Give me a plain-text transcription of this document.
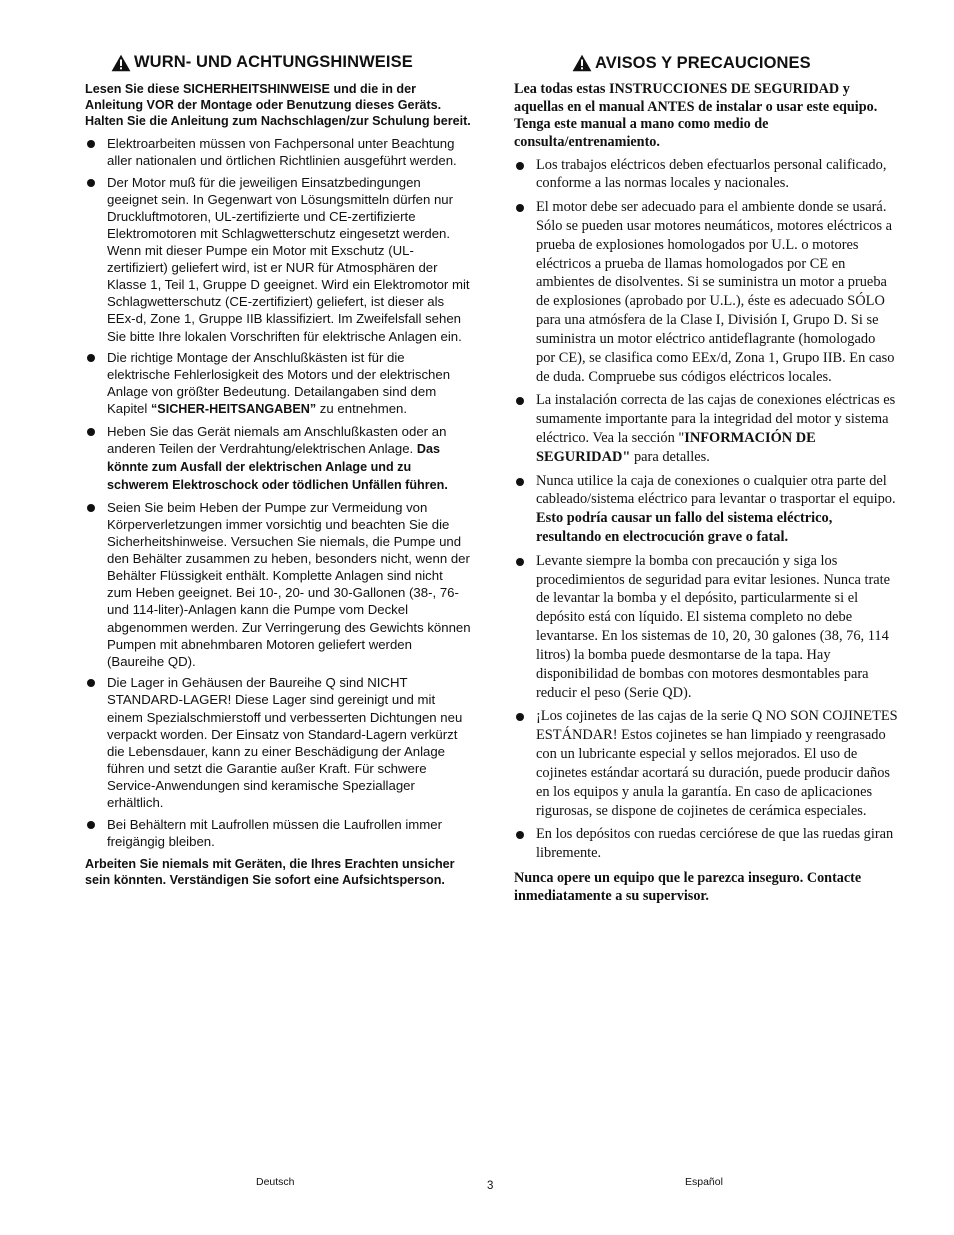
WURN- UND ACHTUNGSHINWEISE
Lesen Sie diese SICHERHEITSHINWEISE und die in der Anleitung VOR der Montage oder Benutzung dieses Geräts. Halten Sie die Anleitung zum Nachschlagen/zur Schulung bereit.
Elektroarbeiten müssen von Fachpersonal unter Beachtung aller nationalen und örtlichen Richtlinien ausgeführt werden.
Der Motor muß für die jeweiligen Einsatzbedingungen geeignet sein. In Gegenwart von Lösungsmitteln dürfen nur Druckluftmotoren, UL-zertifizierte und CE-zertifizierte Elektromotoren mit Schlagwetterschutz eingesetzt werden. Wenn mit dieser Pumpe ein Motor mit Exschutz (UL-zertifiziert) geliefert wird, ist er NUR für Atmosphären der Klasse 1, Teil 1, Gruppe D geeignet. Wird ein Elektromotor mit Schlagwetterschutz (CE-zertifiziert) geliefert, ist dieser als EEx-d, Zone 1, Gruppe IIB klassifiziert. Im Zweifelsfall sehen Sie bitte Ihre lokalen Vorschriften für elektrische Anlagen ein.
Die richtige Montage der Anschlußkästen ist für die elektrische Fehlerlosigkeit des Motors und der elektrischen Anlage von größter Bedeutung. Detailangaben sind dem Kapitel “SICHER-HEITSANGABEN” zu entnehmen.
Heben Sie das Gerät niemals am Anschlußkasten oder an anderen Teilen der Verdrahtung/elektrischen Anlage. Das könnte zum Ausfall der elektrischen Anlage und zu schwerem Elektroschock oder tödlichen Unfällen führen.
Seien Sie beim Heben der Pumpe zur Vermeidung von Körperverletzungen immer vorsichtig und beachten Sie die Sicherheitshinweise. Versuchen Sie niemals, die Pumpe und den Behälter zusammen zu heben, besonders nicht, wenn der Behälter Flüssigkeit enthält. Komplette Anlagen sind nicht zum Heben geeignet. Bei 10-, 20- und 30-Gallonen (38-, 76- und 114-liter)-Anlagen kann die Pumpe vom Deckel abgenommen werden. Zur Verringerung des Gewichts können Pumpen mit abnehmbaren Motoren geliefert werden (Baureihe QD).
Die Lager in Gehäusen der Baureihe Q sind NICHT STANDARD-LAGER! Diese Lager sind gereinigt und mit einem Spezialschmierstoff und verbesserten Dichtungen neu verpackt worden. Der Einsatz von Standard-Lagern verkürzt die Lebensdauer, kann zu einer Beschädigung der Anlage führen und setzt die Garantie außer Kraft. Für schwere Service-Anwendungen sind keramische Speziallager erhältlich.
Bei Behältern mit Laufrollen müssen die Laufrollen immer freigängig bleiben.
Arbeiten Sie niemals mit Geräten, die Ihres Erachten unsicher sein könnten. Verständigen Sie sofort eine Aufsichtsperson.
AVISOS Y PRECAUCIONES
Lea todas estas INSTRUCCIONES DE SEGURIDAD y aquellas en el manual ANTES de instalar o usar este equipo. Tenga este manual a mano como medio de consulta/entrenamiento.
Los trabajos eléctricos deben efectuarlos personal calificado, conforme a las normas locales y nacionales.
El motor debe ser adecuado para el ambiente donde se usará. Sólo se pueden usar motores neumáticos, motores eléctricos a prueba de explosiones homologados por U.L. o motores eléctricos a prueba de llamas homologados por CE en ambientes de disolventes. Si se suministra un motor a prueba de explosiones (aprobado por U.L.), éste es adecuado SÓLO para una atmósfera de la Clase I, División I, Grupo D. Si se suministra un motor eléctrico antideflagrante (homologado por CE), se clasifica como EEx/d, Zona 1, Grupo IIB. En caso de duda. Compruebe sus códigos eléctricos locales.
La instalación correcta de las cajas de conexiones eléctricas es sumamente importante para la integridad del motor y sistema eléctrico. Vea la sección "INFORMACIÓN DE SEGURIDAD" para detalles.
Nunca utilice la caja de conexiones o cualquier otra parte del cableado/sistema eléctrico para levantar o trasportar el equipo. Esto podría causar un fallo del sistema eléctrico, resultando en electrocución grave o fatal.
Levante siempre la bomba con precaución y siga los procedimientos de seguridad para evitar lesiones. Nunca trate de levantar la bomba y el depósito, particularmente si el depósito está con líquido. El sistema completo no debe levantarse. En los sistemas de 10, 20, 30 galones (38, 76, 114 litros) la bomba puede desmontarse de la tapa. Hay disponibilidad de bombas con motores desmontables para reducir el peso (Serie QD).
¡Los cojinetes de las cajas de la serie Q NO SON COJINETES ESTÁNDAR! Estos cojinetes se han limpiado y reengrasado con un lubricante especial y sellos mejorados. El uso de cojinetes estándar acortará su duración, puede producir daños en los equipos y anula la garantía. En caso de aplicaciones rigurosas, se dispone de cojinetes de cerámica especiales.
En los depósitos con ruedas cerciórese de que las ruedas giran libremente.
Nunca opere un equipo que le parezca inseguro. Contacte inmediatamente a su supervisor.
Deutsch	3	Español
